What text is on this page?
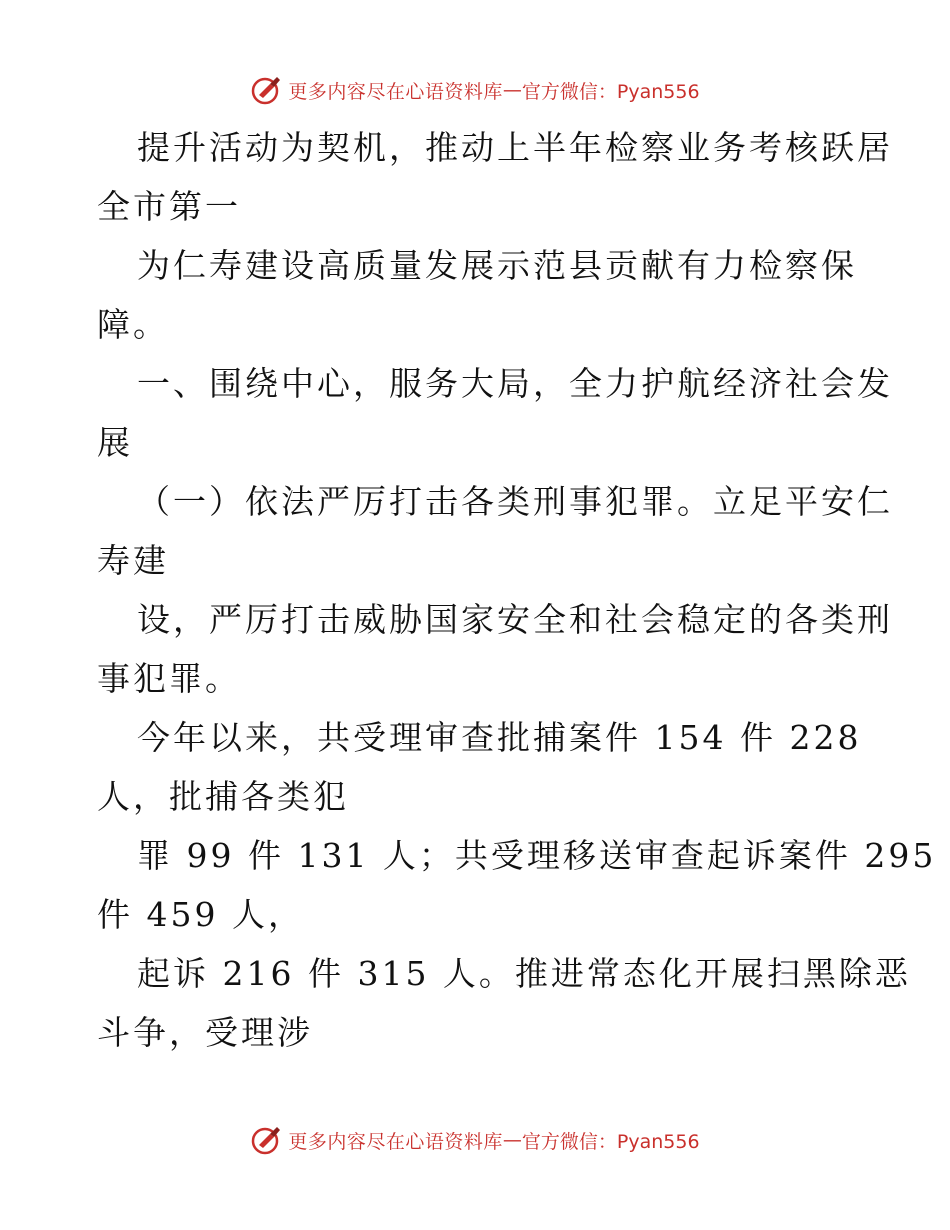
更多内容尽在心语资料库 — 官方微信：Pyan556
提升活动为契机，推动上半年检察业务考核跃居
全市第一
为仁寿建设高质量发展示范县贡献有力检察保
障。
一、围绕中心，服务大局，全力护航经济社会发
展
（一）依法严厉打击各类刑事犯罪。立足平安仁
寿建
设，严厉打击威胁国家安全和社会稳定的各类刑
事犯罪。
今年以来，共受理审查批捕案件 154 件 228
人，批捕各类犯
罪 99 件 131 人；共受理移送审查起诉案件 295
件 459 人，
起诉 216 件 315 人。推进常态化开展扫黑除恶
斗争，受理涉
更多内容尽在心语资料库 — 官方微信：Pyan556
